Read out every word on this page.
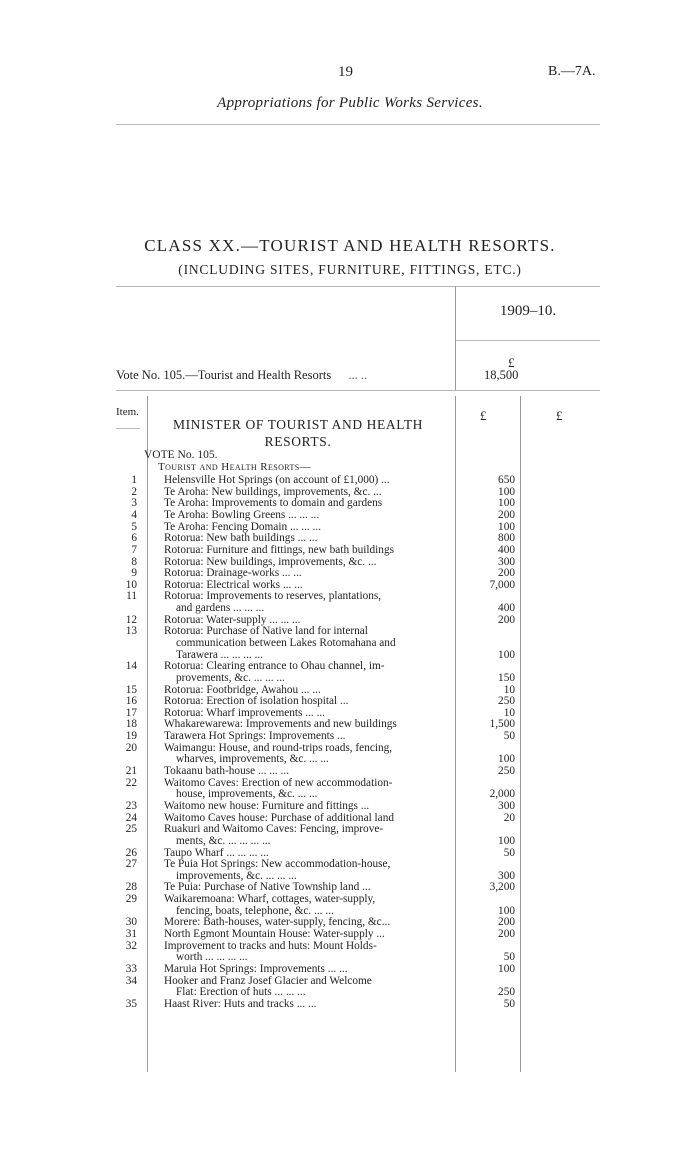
19	B.—7A.
Appropriations for Public Works Services.
CLASS XX.—TOURIST AND HEALTH RESORTS.
(INCLUDING SITES, FURNITURE, FITTINGS, ETC.)
1909–10.
£
Vote No. 105.—Tourist and Health Resorts ... ..	18,500
Item.	£	£
MINISTER OF TOURIST AND HEALTH
RESORTS.
VOTE No. 105.
Tourist and Health Resorts—
1 Helensville Hot Springs (on account of £1,000) ...	650
2 Te Aroha: New buildings, improvements, &c. ...	100
3 Te Aroha: Improvements to domain and gardens	100
4 Te Aroha: Bowling Greens ... ... ...	200
5 Te Aroha: Fencing Domain ... ... ...	100
6 Rotorua: New bath buildings ... ...	800
7 Rotorua: Furniture and fittings, new bath buildings	400
8 Rotorua: New buildings, improvements, &c. ...	300
9 Rotorua: Drainage-works ... ...	200
10 Rotorua: Electrical works ... ...	7,000
11 Rotorua: Improvements to reserves, plantations,
and gardens ... ... ...	400
12 Rotorua: Water-supply ... ... ...	200
13 Rotorua: Purchase of Native land for internal
communication between Lakes Rotomahana and
Tarawera ... ... ... ...	100
14 Rotorua: Clearing entrance to Ohau channel, im-
provements, &c. ... ... ...	150
15 Rotorua: Footbridge, Awahou ... ...	10
16 Rotorua: Erection of isolation hospital ...	250
17 Rotorua: Wharf improvements ... ...	10
18 Whakarewarewa: Improvements and new buildings	1,500
19 Tarawera Hot Springs: Improvements ...	50
20 Waimangu: House, and round-trips roads, fencing,
wharves, improvements, &c. ... ...	100
21 Tokaanu bath-house ... ... ...	250
22 Waitomo Caves: Erection of new accommodation-
house, improvements, &c. ... ...	2,000
23 Waitomo new house: Furniture and fittings ...	300
24 Waitomo Caves house: Purchase of additional land	20
25 Ruakuri and Waitomo Caves: Fencing, improve-
ments, &c. ... ... ... ...	100
26 Taupo Wharf ... ... ... ...	50
27 Te Puia Hot Springs: New accommodation-house,
improvements, &c. ... ... ...	300
28 Te Puia: Purchase of Native Township land ...	3,200
29 Waikaremoana: Wharf, cottages, water-supply,
fencing, boats, telephone, &c. ... ...	100
30 Morere: Bath-houses, water-supply, fencing, &c...	200
31 North Egmont Mountain House: Water-supply ...	200
32 Improvement to tracks and huts: Mount Holds-
worth ... ... ... ...	50
33 Maruia Hot Springs: Improvements ... ...	100
34 Hooker and Franz Josef Glacier and Welcome
Flat: Erection of huts ... ... ...	250
35 Haast River: Huts and tracks ... ...	50
